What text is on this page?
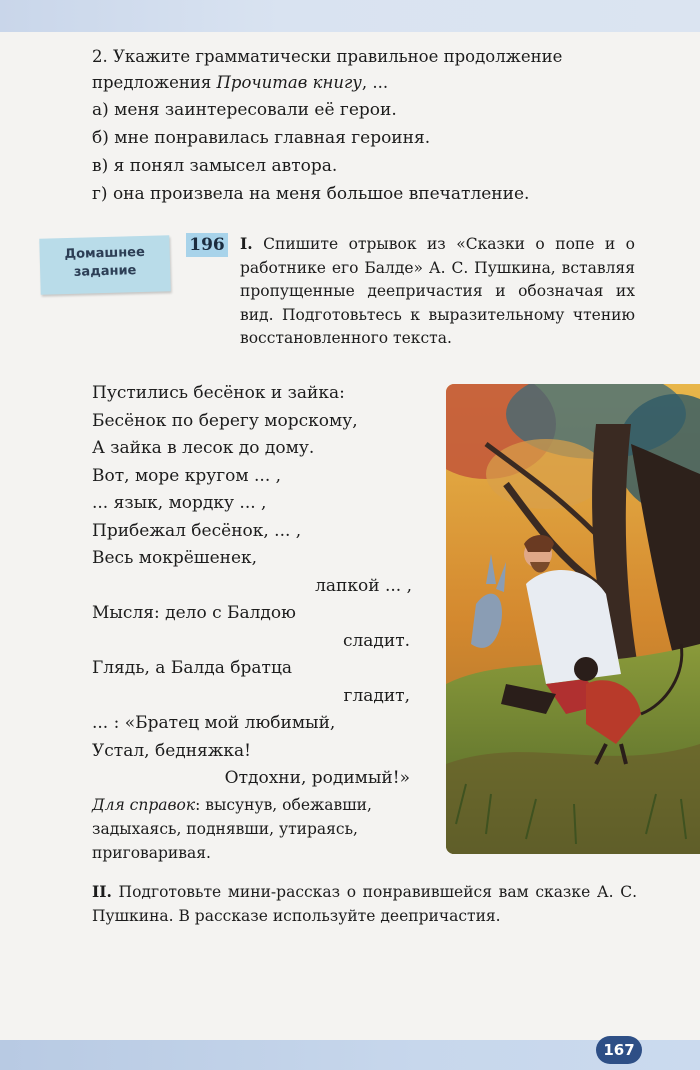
2. Укажите грамматически правильное продолжение предложения Прочитав книгу, ...

а) меня заинтересовали её герои.

б) мне понравилась главная героиня.

в) я понял замысел автора.

г) она произвела на меня большое впечатление.

Домашнее
задание
196 I. Спишите отрывок из «Сказки о попе и о работнике его Балде» А. С. Пушкина, вставляя пропущенные деепричастия и обозначая их вид. Подготовьтесь к выразительному чтению восстановленного текста.

Пустились бесёнок и зайка:

Бесёнок по берегу морскому,

А зайка в лесок до дому.

Вот, море кругом ... ,

... язык, мордку ... ,

Прибежал бесёнок, ... ,

Весь мокрёшенек,

лапкой ... ,

Мысля: дело с Балдою

сладит.

Глядь, а Балда братца

гладит,

... : «Братец мой любимый,

Устал, бедняжка!

Отдохни, родимый!»

Для справок: высунув, обежавши, задыхаясь, поднявши, утираясь, приговаривая.

II. Подготовьте мини-рассказ о понравившейся вам сказке А. С. Пушкина. В рассказе используйте деепричастия.

167
